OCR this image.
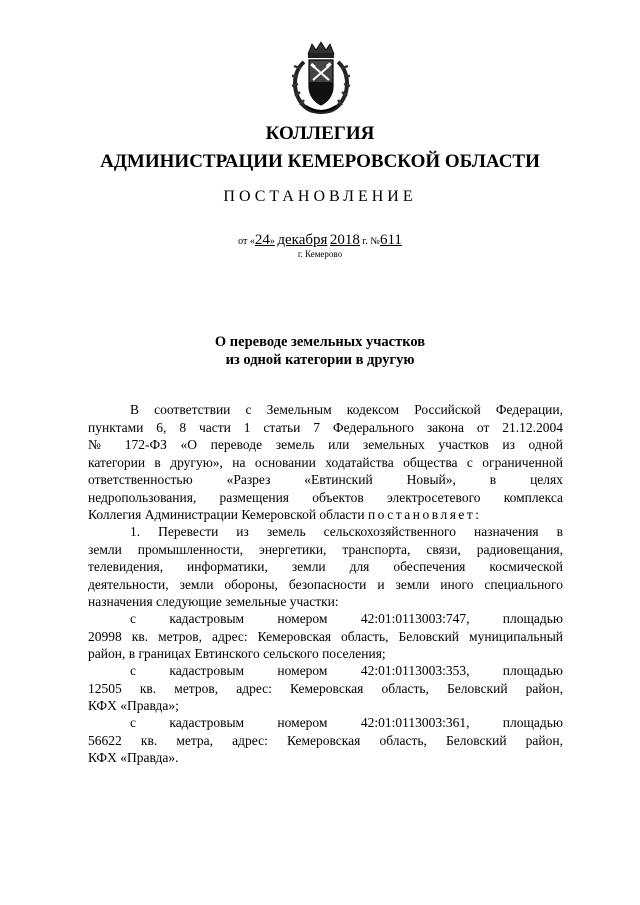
КОЛЛЕГИЯ
АДМИНИСТРАЦИИ КЕМЕРОВСКОЙ ОБЛАСТИ
ПОСТАНОВЛЕНИЕ
от «24» декабря 2018 г. №611
г. Кемерово
О переводе земельных участков
из одной категории в другую
В соответствии с Земельным кодексом Российской Федерации,
пунктами 6, 8 части 1 статьи 7 Федерального закона от 21.12.2004
№ 172-ФЗ «О переводе земель или земельных участков из одной
категории в другую», на основании ходатайства общества с ограниченной
ответственностью «Разрез «Евтинский Новый», в целях
недропользования, размещения объектов электросетевого комплекса
Коллегия Администрации Кемеровской области постановляет:
1. Перевести из земель сельскохозяйственного назначения в
земли промышленности, энергетики, транспорта, связи, радиовещания,
телевидения, информатики, земли для обеспечения космической
деятельности, земли обороны, безопасности и земли иного специального
назначения следующие земельные участки:
с кадастровым номером 42:01:0113003:747, площадью
20998 кв. метров, адрес: Кемеровская область, Беловский муниципальный
район, в границах Евтинского сельского поселения;
с кадастровым номером 42:01:0113003:353, площадью
12505 кв. метров, адрес: Кемеровская область, Беловский район,
КФХ «Правда»;
с кадастровым номером 42:01:0113003:361, площадью
56622 кв. метра, адрес: Кемеровская область, Беловский район,
КФХ «Правда».
